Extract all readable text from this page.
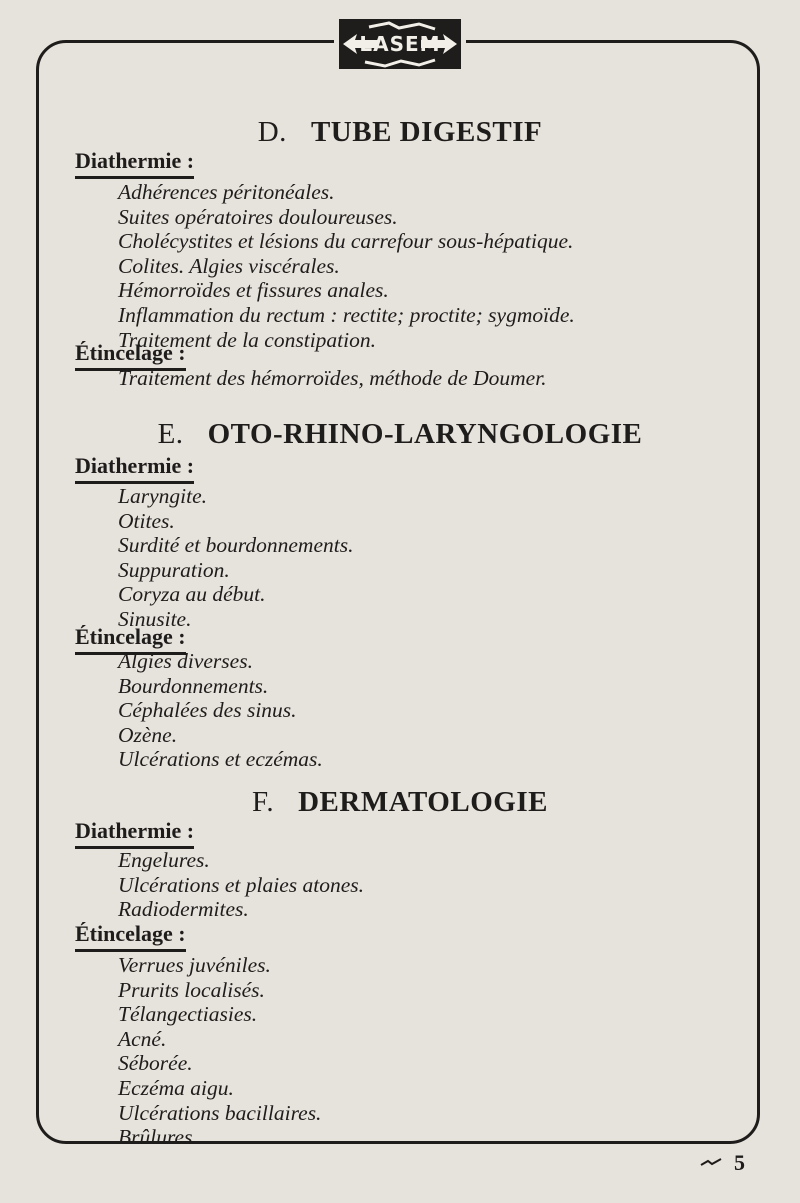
LASEM
D. TUBE DIGESTIF
Diathermie :
Adhérences péritonéales.
Suites opératoires douloureuses.
Cholécystites et lésions du carrefour sous-hépatique.
Colites. Algies viscérales.
Hémorroïdes et fissures anales.
Inflammation du rectum : rectite; proctite; sygmoïde.
Traitement de la constipation.
Étincelage :
Traitement des hémorroïdes, méthode de Doumer.
E. OTO-RHINO-LARYNGOLOGIE
Diathermie :
Laryngite.
Otites.
Surdité et bourdonnements.
Suppuration.
Coryza au début.
Sinusite.
Étincelage :
Algies diverses.
Bourdonnements.
Céphalées des sinus.
Ozène.
Ulcérations et eczémas.
F. DERMATOLOGIE
Diathermie :
Engelures.
Ulcérations et plaies atones.
Radiodermites.
Étincelage :
Verrues juvéniles.
Prurits localisés.
Télangectiasies.
Acné.
Séborée.
Eczéma aigu.
Ulcérations bacillaires.
Brûlures.
5
